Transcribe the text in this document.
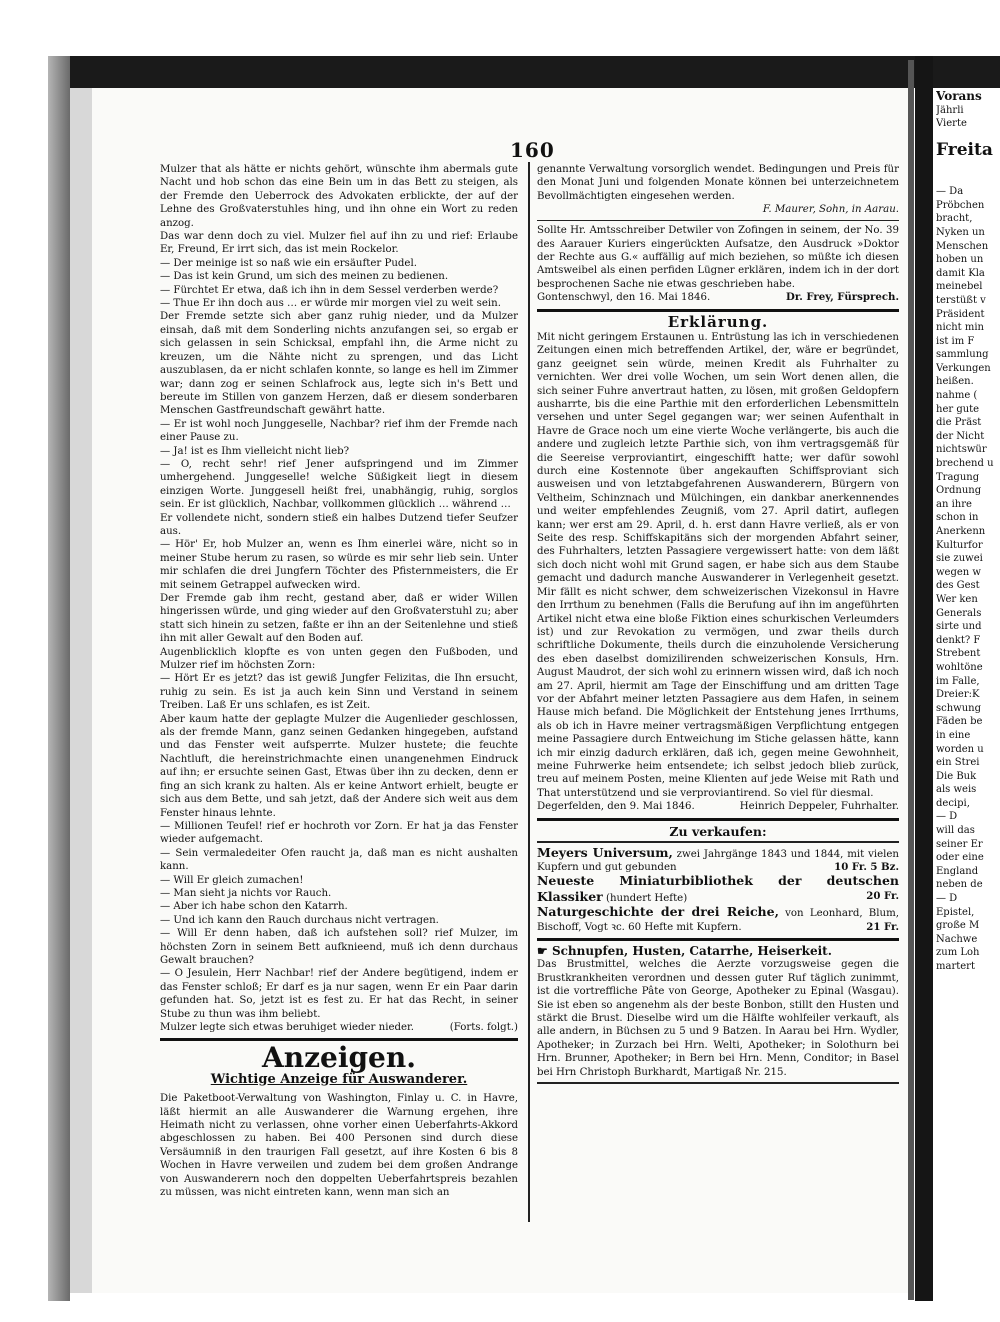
160

Mulzer that als hätte er nichts gehört, wünschte ihm abermals gute Nacht und hob schon das eine Bein um in das Bett zu steigen, als der Fremde den Ueberrock des Advokaten erblickte, der auf der Lehne des Großvaterstuhles hing, und ihn ohne ein Wort zu reden anzog.

Das war denn doch zu viel. Mulzer fiel auf ihn zu und rief: Erlaube Er, Freund, Er irrt sich, das ist mein Rockelor.

— Der meinige ist so naß wie ein ersäufter Pudel.

— Das ist kein Grund, um sich des meinen zu bedienen.

— Fürchtet Er etwa, daß ich ihn in dem Sessel verderben werde?

— Thue Er ihn doch aus … er würde mir morgen viel zu weit sein.

Der Fremde setzte sich aber ganz ruhig nieder, und da Mulzer einsah, daß mit dem Sonderling nichts anzufangen sei, so ergab er sich gelassen in sein Schicksal, empfahl ihn, die Arme nicht zu kreuzen, um die Nähte nicht zu sprengen, und das Licht auszublasen, da er nicht schlafen konnte, so lange es hell im Zimmer war; dann zog er seinen Schlafrock aus, legte sich in's Bett und bereute im Stillen von ganzem Herzen, daß er diesem sonderbaren Menschen Gastfreundschaft gewährt hatte.

— Er ist wohl noch Junggeselle, Nachbar? rief ihm der Fremde nach einer Pause zu.

— Ja! ist es Ihm vielleicht nicht lieb?

— O, recht sehr! rief Jener aufspringend und im Zimmer umhergehend. Junggeselle! welche Süßigkeit liegt in diesem einzigen Worte. Junggesell heißt frei, unabhängig, ruhig, sorglos sein. Er ist glücklich, Nachbar, vollkommen glücklich … während …

Er vollendete nicht, sondern stieß ein halbes Dutzend tiefer Seufzer aus.

— Hör' Er, hob Mulzer an, wenn es Ihm einerlei wäre, nicht so in meiner Stube herum zu rasen, so würde es mir sehr lieb sein. Unter mir schlafen die drei Jungfern Töchter des Pfisternmeisters, die Er mit seinem Getrappel aufwecken wird.

Der Fremde gab ihm recht, gestand aber, daß er wider Willen hingerissen würde, und ging wieder auf den Großvaterstuhl zu; aber statt sich hinein zu setzen, faßte er ihn an der Seitenlehne und stieß ihn mit aller Gewalt auf den Boden auf.

Augenblicklich klopfte es von unten gegen den Fußboden, und Mulzer rief im höchsten Zorn:

— Hört Er es jetzt? das ist gewiß Jungfer Felizitas, die Ihn ersucht, ruhig zu sein. Es ist ja auch kein Sinn und Verstand in seinem Treiben. Laß Er uns schlafen, es ist Zeit.

Aber kaum hatte der geplagte Mulzer die Augenlieder geschlossen, als der fremde Mann, ganz seinen Gedanken hingegeben, aufstand und das Fenster weit aufsperrte. Mulzer hustete; die feuchte Nachtluft, die hereinstrichmachte einen unangenehmen Eindruck auf ihn; er ersuchte seinen Gast, Etwas über ihn zu decken, denn er fing an sich krank zu halten. Als er keine Antwort erhielt, beugte er sich aus dem Bette, und sah jetzt, daß der Andere sich weit aus dem Fenster hinaus lehnte.

— Millionen Teufel! rief er hochroth vor Zorn. Er hat ja das Fenster wieder aufgemacht.

— Sein vermaledeiter Ofen raucht ja, daß man es nicht aushalten kann.

— Will Er gleich zumachen!

— Man sieht ja nichts vor Rauch.

— Aber ich habe schon den Katarrh.

— Und ich kann den Rauch durchaus nicht vertragen.

— Will Er denn haben, daß ich aufstehen soll? rief Mulzer, im höchsten Zorn in seinem Bett aufknieend, muß ich denn durchaus Gewalt brauchen?

— O Jesulein, Herr Nachbar! rief der Andere begütigend, indem er das Fenster schloß; Er darf es ja nur sagen, wenn Er ein Paar darin gefunden hat. So, jetzt ist es fest zu. Er hat das Recht, in seiner Stube zu thun was ihm beliebt.

Mulzer legte sich etwas beruhiget wieder nieder.	(Forts. folgt.)
Anzeigen.
Wichtige Anzeige für Auswanderer.

Die Paketboot-Verwaltung von Washington, Finlay u. C. in Havre, läßt hiermit an alle Auswanderer die Warnung ergehen, ihre Heimath nicht zu verlassen, ohne vorher einen Ueberfahrts-Akkord abgeschlossen zu haben. Bei 400 Personen sind durch diese Versäumniß in den traurigen Fall gesetzt, auf ihre Kosten 6 bis 8 Wochen in Havre verweilen und zudem bei dem großen Andrange von Auswanderern noch den doppelten Ueberfahrtspreis bezahlen zu müssen, was nicht eintreten kann, wenn man sich an

genannte Verwaltung vorsorglich wendet. Bedingungen und Preis für den Monat Juni und folgenden Monate können bei unterzeichnetem Bevollmächtigten eingesehen werden.

F. Maurer, Sohn, in Aarau.

Sollte Hr. Amtsschreiber Detwiler von Zofingen in seinem, der No. 39 des Aarauer Kuriers eingerückten Aufsatze, den Ausdruck »Doktor der Rechte aus G.« auffällig auf mich beziehen, so müßte ich diesen Amtsweibel als einen perfiden Lügner erklären, indem ich in der dort besprochenen Sache nie etwas geschrieben habe.

Gontenschwyl, den 16. Mai 1846.	Dr. Frey, Fürsprech.
Erklärung.

Mit nicht geringem Erstaunen u. Entrüstung las ich in verschiedenen Zeitungen einen mich betreffenden Artikel, der, wäre er begründet, ganz geeignet sein würde, meinen Kredit als Fuhrhalter zu vernichten. Wer drei volle Wochen, um sein Wort denen allen, die sich seiner Fuhre anvertraut hatten, zu lösen, mit großen Geldopfern ausharrte, bis die eine Parthie mit den erforderlichen Lebensmitteln versehen und unter Segel gegangen war; wer seinen Aufenthalt in Havre de Grace noch um eine vierte Woche verlängerte, bis auch die andere und zugleich letzte Parthie sich, von ihm vertragsgemäß für die Seereise verproviantirt, eingeschifft hatte; wer dafür sowohl durch eine Kostennote über angekauften Schiffsproviant sich ausweisen und von letztabgefahrenen Auswanderern, Bürgern von Veltheim, Schinznach und Mülchingen, ein dankbar anerkennendes und weiter empfehlendes Zeugniß, vom 27. April datirt, auflegen kann; wer erst am 29. April, d. h. erst dann Havre verließ, als er von Seite des resp. Schiffskapitäns sich der morgenden Abfahrt seiner, des Fuhrhalters, letzten Passagiere vergewissert hatte: von dem läßt sich doch nicht wohl mit Grund sagen, er habe sich aus dem Staube gemacht und dadurch manche Auswanderer in Verlegenheit gesetzt. Mir fällt es nicht schwer, dem schweizerischen Vizekonsul in Havre den Irrthum zu benehmen (Falls die Berufung auf ihn im angeführten Artikel nicht etwa eine bloße Fiktion eines schurkischen Verleumders ist) und zur Revokation zu vermögen, und zwar theils durch schriftliche Dokumente, theils durch die einzuholende Versicherung des eben daselbst domizilirenden schweizerischen Konsuls, Hrn. August Maudrot, der sich wohl zu erinnern wissen wird, daß ich noch am 27. April, hiermit am Tage der Einschiffung und am dritten Tage vor der Abfahrt meiner letzten Passagiere aus dem Hafen, in seinem Hause mich befand. Die Möglichkeit der Entstehung jenes Irrthums, als ob ich in Havre meiner vertragsmäßigen Verpflichtung entgegen meine Passagiere durch Entweichung im Stiche gelassen hätte, kann ich mir einzig dadurch erklären, daß ich, gegen meine Gewohnheit, meine Fuhrwerke heim entsendete; ich selbst jedoch blieb zurück, treu auf meinem Posten, meine Klienten auf jede Weise mit Rath und That unterstützend und sie verproviantirend. So viel für diesmal.

Degerfelden, den 9. Mai 1846.	Heinrich Deppeler, Fuhrhalter.
Zu verkaufen:
Meyers Universum, zwei Jahrgänge 1843 und 1844, mit vielen Kupfern und gut gebunden	10 Fr. 5 Bz.
Neueste Miniaturbibliothek der deutschen Klassiker (hundert Hefte)	20 Fr.
Naturgeschichte der drei Reiche, von Leonhard, Blum, Bischoff, Vogt ꝛc. 60 Hefte mit Kupfern.	21 Fr.
☛ Schnupfen, Husten, Catarrhe, Heiserkeit.

Das Brustmittel, welches die Aerzte vorzugsweise gegen die Brustkrankheiten verordnen und dessen guter Ruf täglich zunimmt, ist die vortreffliche Pâte von George, Apotheker zu Epinal (Wasgau). Sie ist eben so angenehm als der beste Bonbon, stillt den Husten und stärkt die Brust. Dieselbe wird um die Hälfte wohlfeiler verkauft, als alle andern, in Büchsen zu 5 und 9 Batzen. In Aarau bei Hrn. Wydler, Apotheker; in Zurzach bei Hrn. Welti, Apotheker; in Solothurn bei Hrn. Brunner, Apotheker; in Bern bei Hrn. Menn, Conditor; in Basel bei Hrn Christoph Burkhardt, Martigaß Nr. 215.

Vorans
Jährli
Vierte

Freita

— Da
Pröbchen
bracht,
Nyken un
Menschen
hoben un
damit Kla
meinebel
terstüßt v
Präsident
nicht min
ist im F
sammlung
Verkungen
heißen.
nahme (
her gute
die Präst
der Nicht
nichtswür
brechend u
Tragung
Ordnung
an ihre
schon in
Anerkenn
Kulturfor
sie zuwei
wegen w
des Gest
Wer ken
Generals
sirte und
denkt? F
Strebent
wohltöne
im Falle,
Dreier:K
schwung
Fäden be
in eine
worden u
ein Strei
Die Buk
als weis
decipi,
— D
will das
seiner Er
oder eine
England
neben de
— D
Epistel,
große M
Nachwe
zum Loh
martert
